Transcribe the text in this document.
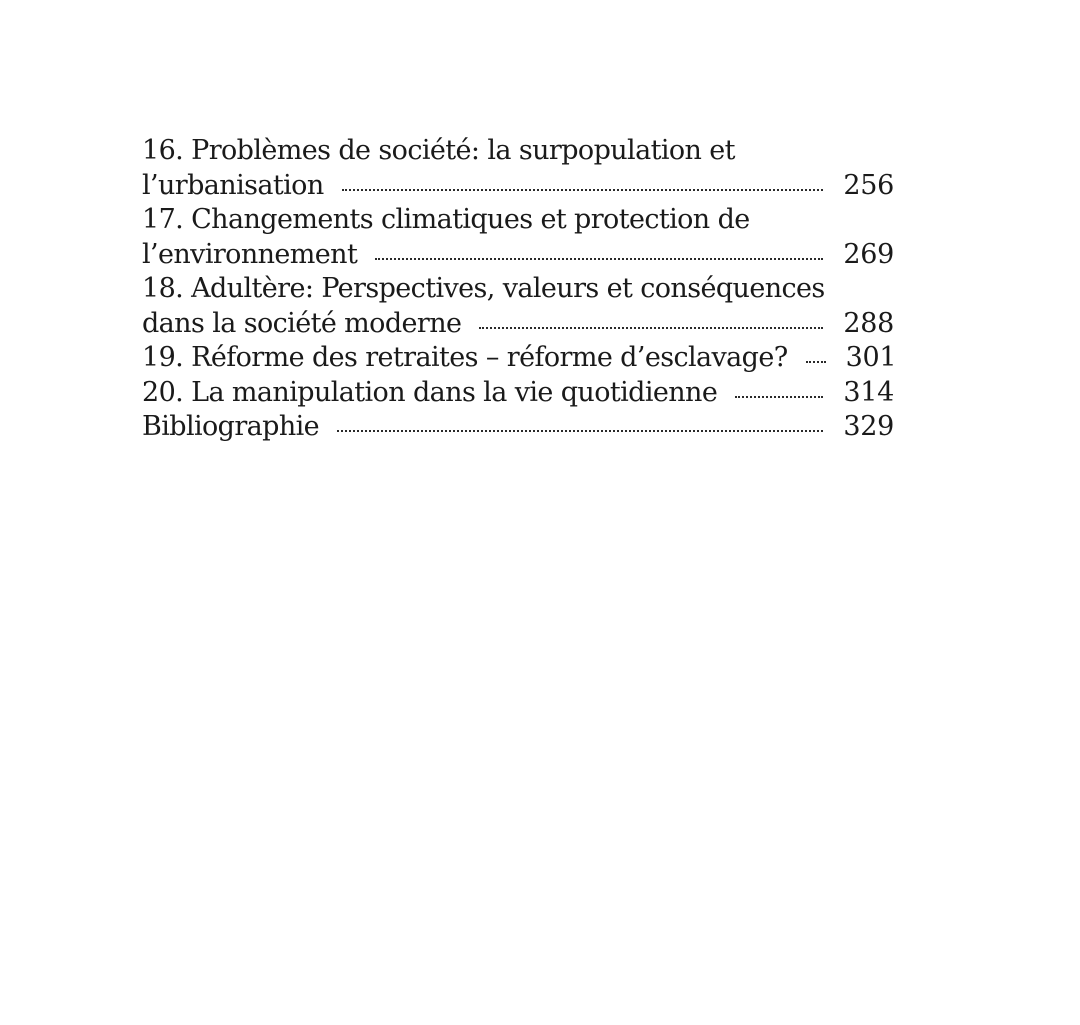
16. Problèmes de société: la surpopulation et
l’urbanisation	256
17. Changements climatiques et protection de
l’environnement	269
18. Adultère: Perspectives, valeurs et conséquences
dans la société moderne	288
19. Réforme des retraites – réforme d’esclavage? 301
20. La manipulation dans la vie quotidienne	314
Bibliographie	329
